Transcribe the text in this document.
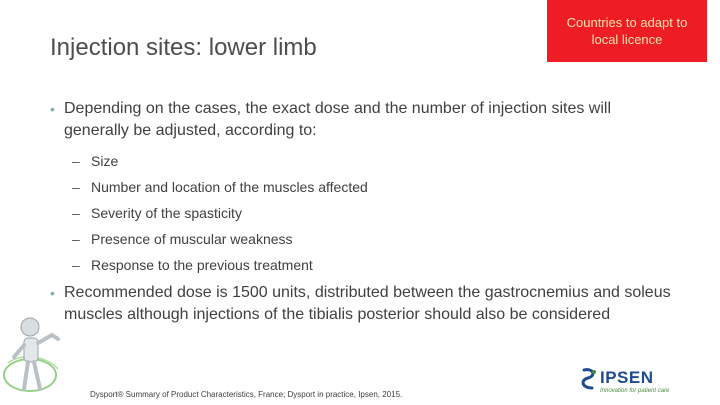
Injection sites: lower limb
Countries to adapt to local licence
• Depending on the cases, the exact dose and the number of injection sites will generally be adjusted, according to:
– Size
– Number and location of the muscles affected
– Severity of the spasticity
– Presence of muscular weakness
– Response to the previous treatment
• Recommended dose is 1500 units, distributed between the gastrocnemius and soleus muscles although injections of the tibialis posterior should also be considered
Dysport® Summary of Product Characteristics, France; Dysport in practice, Ipsen, 2015.
IPSEN
Innovation for patient care
